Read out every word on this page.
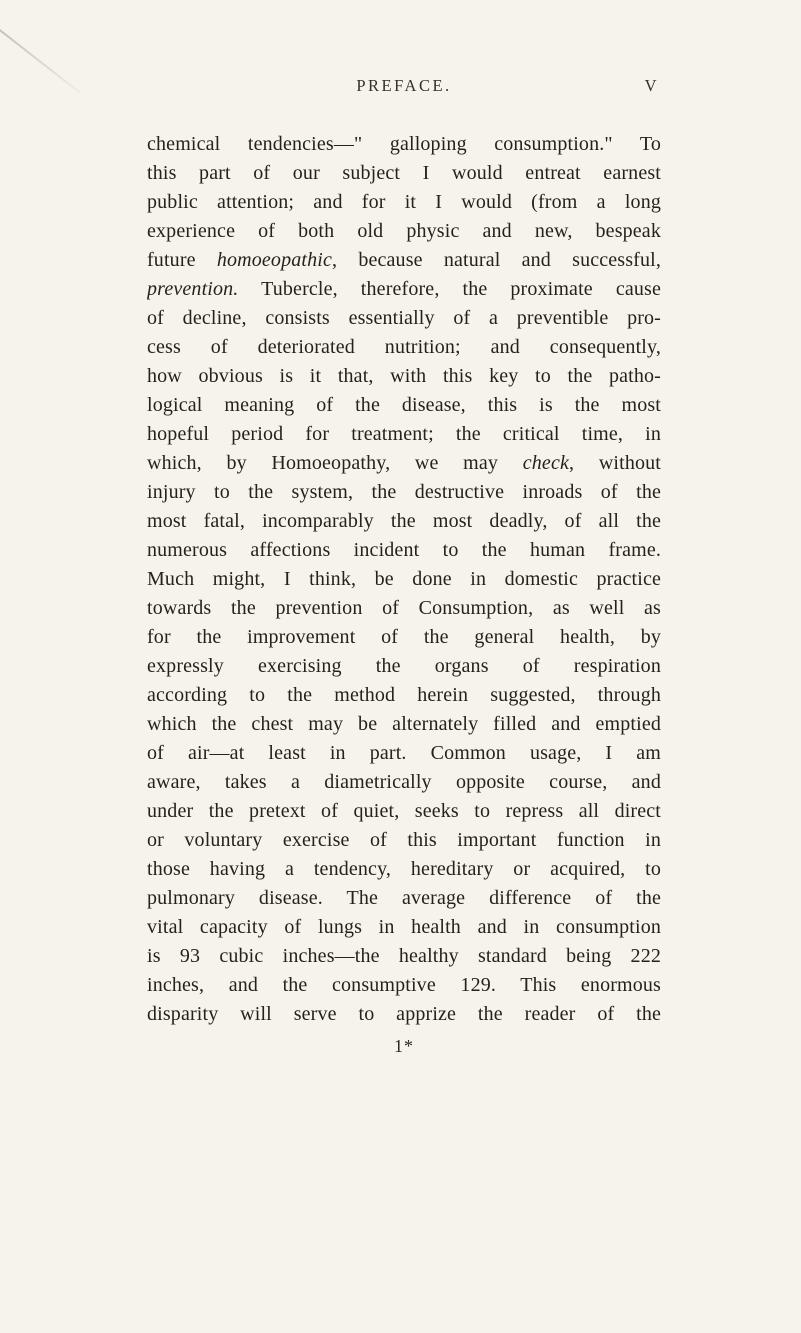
PREFACE.	V
chemical tendencies—" galloping consumption." To
this part of our subject I would entreat earnest
public attention; and for it I would (from a long
experience of both old physic and new, bespeak
future homoeopathic, because natural and successful,
prevention. Tubercle, therefore, the proximate cause
of decline, consists essentially of a preventible pro-
cess of deteriorated nutrition; and consequently,
how obvious is it that, with this key to the patho-
logical meaning of the disease, this is the most
hopeful period for treatment; the critical time, in
which, by Homoeopathy, we may check, without
injury to the system, the destructive inroads of the
most fatal, incomparably the most deadly, of all the
numerous affections incident to the human frame.
Much might, I think, be done in domestic practice
towards the prevention of Consumption, as well as
for the improvement of the general health, by
expressly exercising the organs of respiration
according to the method herein suggested, through
which the chest may be alternately filled and emptied
of air—at least in part. Common usage, I am
aware, takes a diametrically opposite course, and
under the pretext of quiet, seeks to repress all direct
or voluntary exercise of this important function in
those having a tendency, hereditary or acquired, to
pulmonary disease. The average difference of the
vital capacity of lungs in health and in consumption
is 93 cubic inches—the healthy standard being 222
inches, and the consumptive 129. This enormous
disparity will serve to apprize the reader of the
1*
